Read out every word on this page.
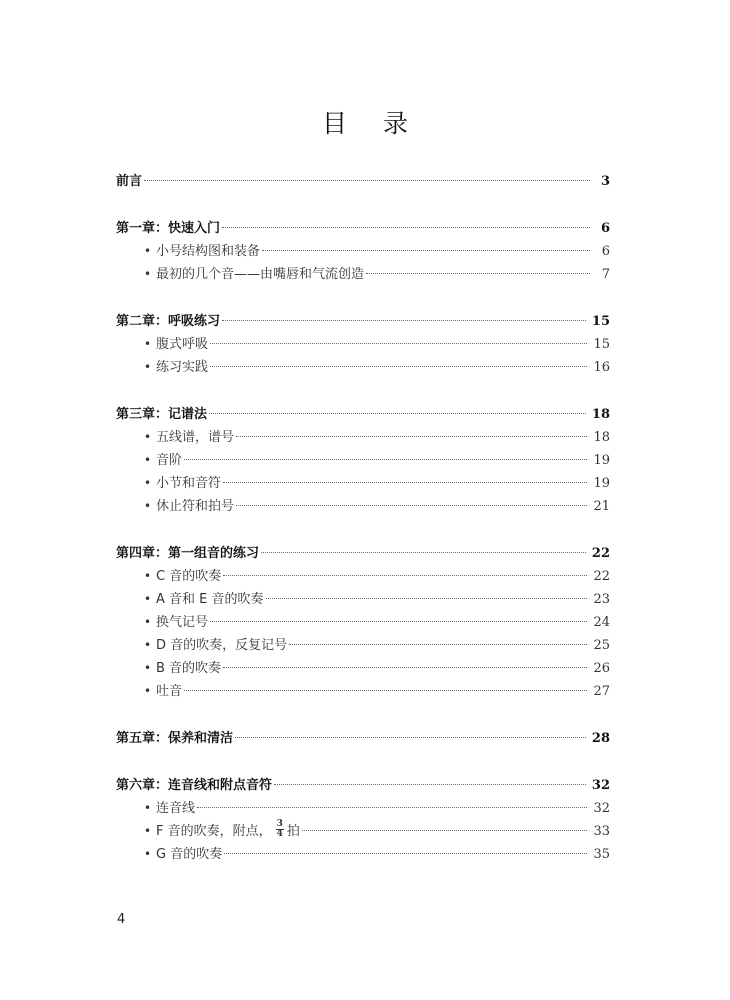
目 录
前言	3
第一章：快速入门	6
• 小号结构图和装备	6
• 最初的几个音——由嘴唇和气流创造	7
第二章：呼吸练习	15
• 腹式呼吸	15
• 练习实践	16
第三章：记谱法	18
• 五线谱，谱号	18
• 音阶	19
• 小节和音符	19
• 休止符和拍号	21
第四章：第一组音的练习	22
• C 音的吹奏	22
• A 音和 E 音的吹奏	23
• 换气记号	24
• D 音的吹奏，反复记号	25
• B 音的吹奏	26
• 吐音	27
第五章：保养和清洁	28
第六章：连音线和附点音符	32
• 连音线	32
• F 音的吹奏，附点， $\frac{3}{4}$ 拍	33
• G 音的吹奏	35
4
